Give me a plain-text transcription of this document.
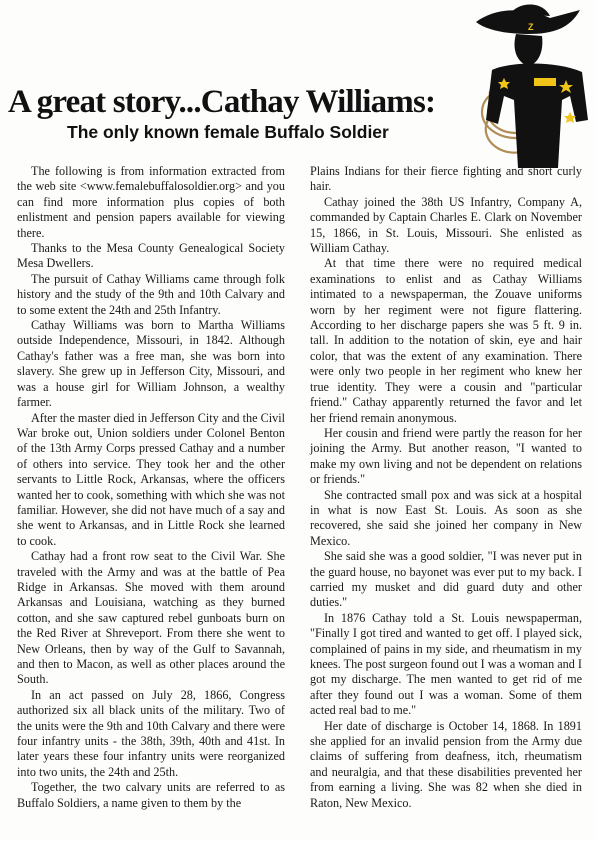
Z
A great story...Cathay Williams:
The only known female Buffalo Soldier

The following is from information extracted from the web site <www.femalebuffalosoldier.org> and you can find more information plus copies of both enlistment and pension papers available for viewing there.

Thanks to the Mesa County Genealogical Society Mesa Dwellers.

The pursuit of Cathay Williams came through folk history and the study of the 9th and 10th Calvary and to some extent the 24th and 25th Infantry.

Cathay Williams was born to Martha Williams outside Independence, Missouri, in 1842. Although Cathay's father was a free man, she was born into slavery. She grew up in Jefferson City, Missouri, and was a house girl for William Johnson, a wealthy farmer.

After the master died in Jefferson City and the Civil War broke out, Union soldiers under Colonel Benton of the 13th Army Corps pressed Cathay and a number of others into service. They took her and the other servants to Little Rock, Arkansas, where the officers wanted her to cook, something with which she was not familiar. However, she did not have much of a say and she went to Arkansas, and in Little Rock she learned to cook.

Cathay had a front row seat to the Civil War. She traveled with the Army and was at the battle of Pea Ridge in Arkansas. She moved with them around Arkansas and Louisiana, watching as they burned cotton, and she saw captured rebel gunboats burn on the Red River at Shreveport. From there she went to New Orleans, then by way of the Gulf to Savannah, and then to Macon, as well as other places around the South.

In an act passed on July 28, 1866, Congress authorized six all black units of the military. Two of the units were the 9th and 10th Calvary and there were four infantry units - the 38th, 39th, 40th and 41st. In later years these four infantry units were reorganized into two units, the 24th and 25th.

Together, the two calvary units are referred to as Buffalo Soldiers, a name given to them by the

Plains Indians for their fierce fighting and short curly hair.

Cathay joined the 38th US Infantry, Company A, commanded by Captain Charles E. Clark on November 15, 1866, in St. Louis, Missouri. She enlisted as William Cathay.

At that time there were no required medical examinations to enlist and as Cathay Williams intimated to a newspaperman, the Zouave uniforms worn by her regiment were not figure flattering. According to her discharge papers she was 5 ft. 9 in. tall. In addition to the notation of skin, eye and hair color, that was the extent of any examination. There were only two people in her regiment who knew her true identity. They were a cousin and "particular friend." Cathay apparently returned the favor and let her friend remain anonymous.

Her cousin and friend were partly the reason for her joining the Army. But another reason, "I wanted to make my own living and not be dependent on relations or friends."

She contracted small pox and was sick at a hospital in what is now East St. Louis. As soon as she recovered, she said she joined her company in New Mexico.

She said she was a good soldier, "I was never put in the guard house, no bayonet was ever put to my back. I carried my musket and did guard duty and other duties."

In 1876 Cathay told a St. Louis newspaperman, "Finally I got tired and wanted to get off. I played sick, complained of pains in my side, and rheumatism in my knees. The post surgeon found out I was a woman and I got my discharge. The men wanted to get rid of me after they found out I was a woman. Some of them acted real bad to me."

Her date of discharge is October 14, 1868. In 1891 she applied for an invalid pension from the Army due claims of suffering from deafness, itch, rheumatism and neuralgia, and that these disabilities prevented her from earning a living. She was 82 when she died in Raton, New Mexico.
